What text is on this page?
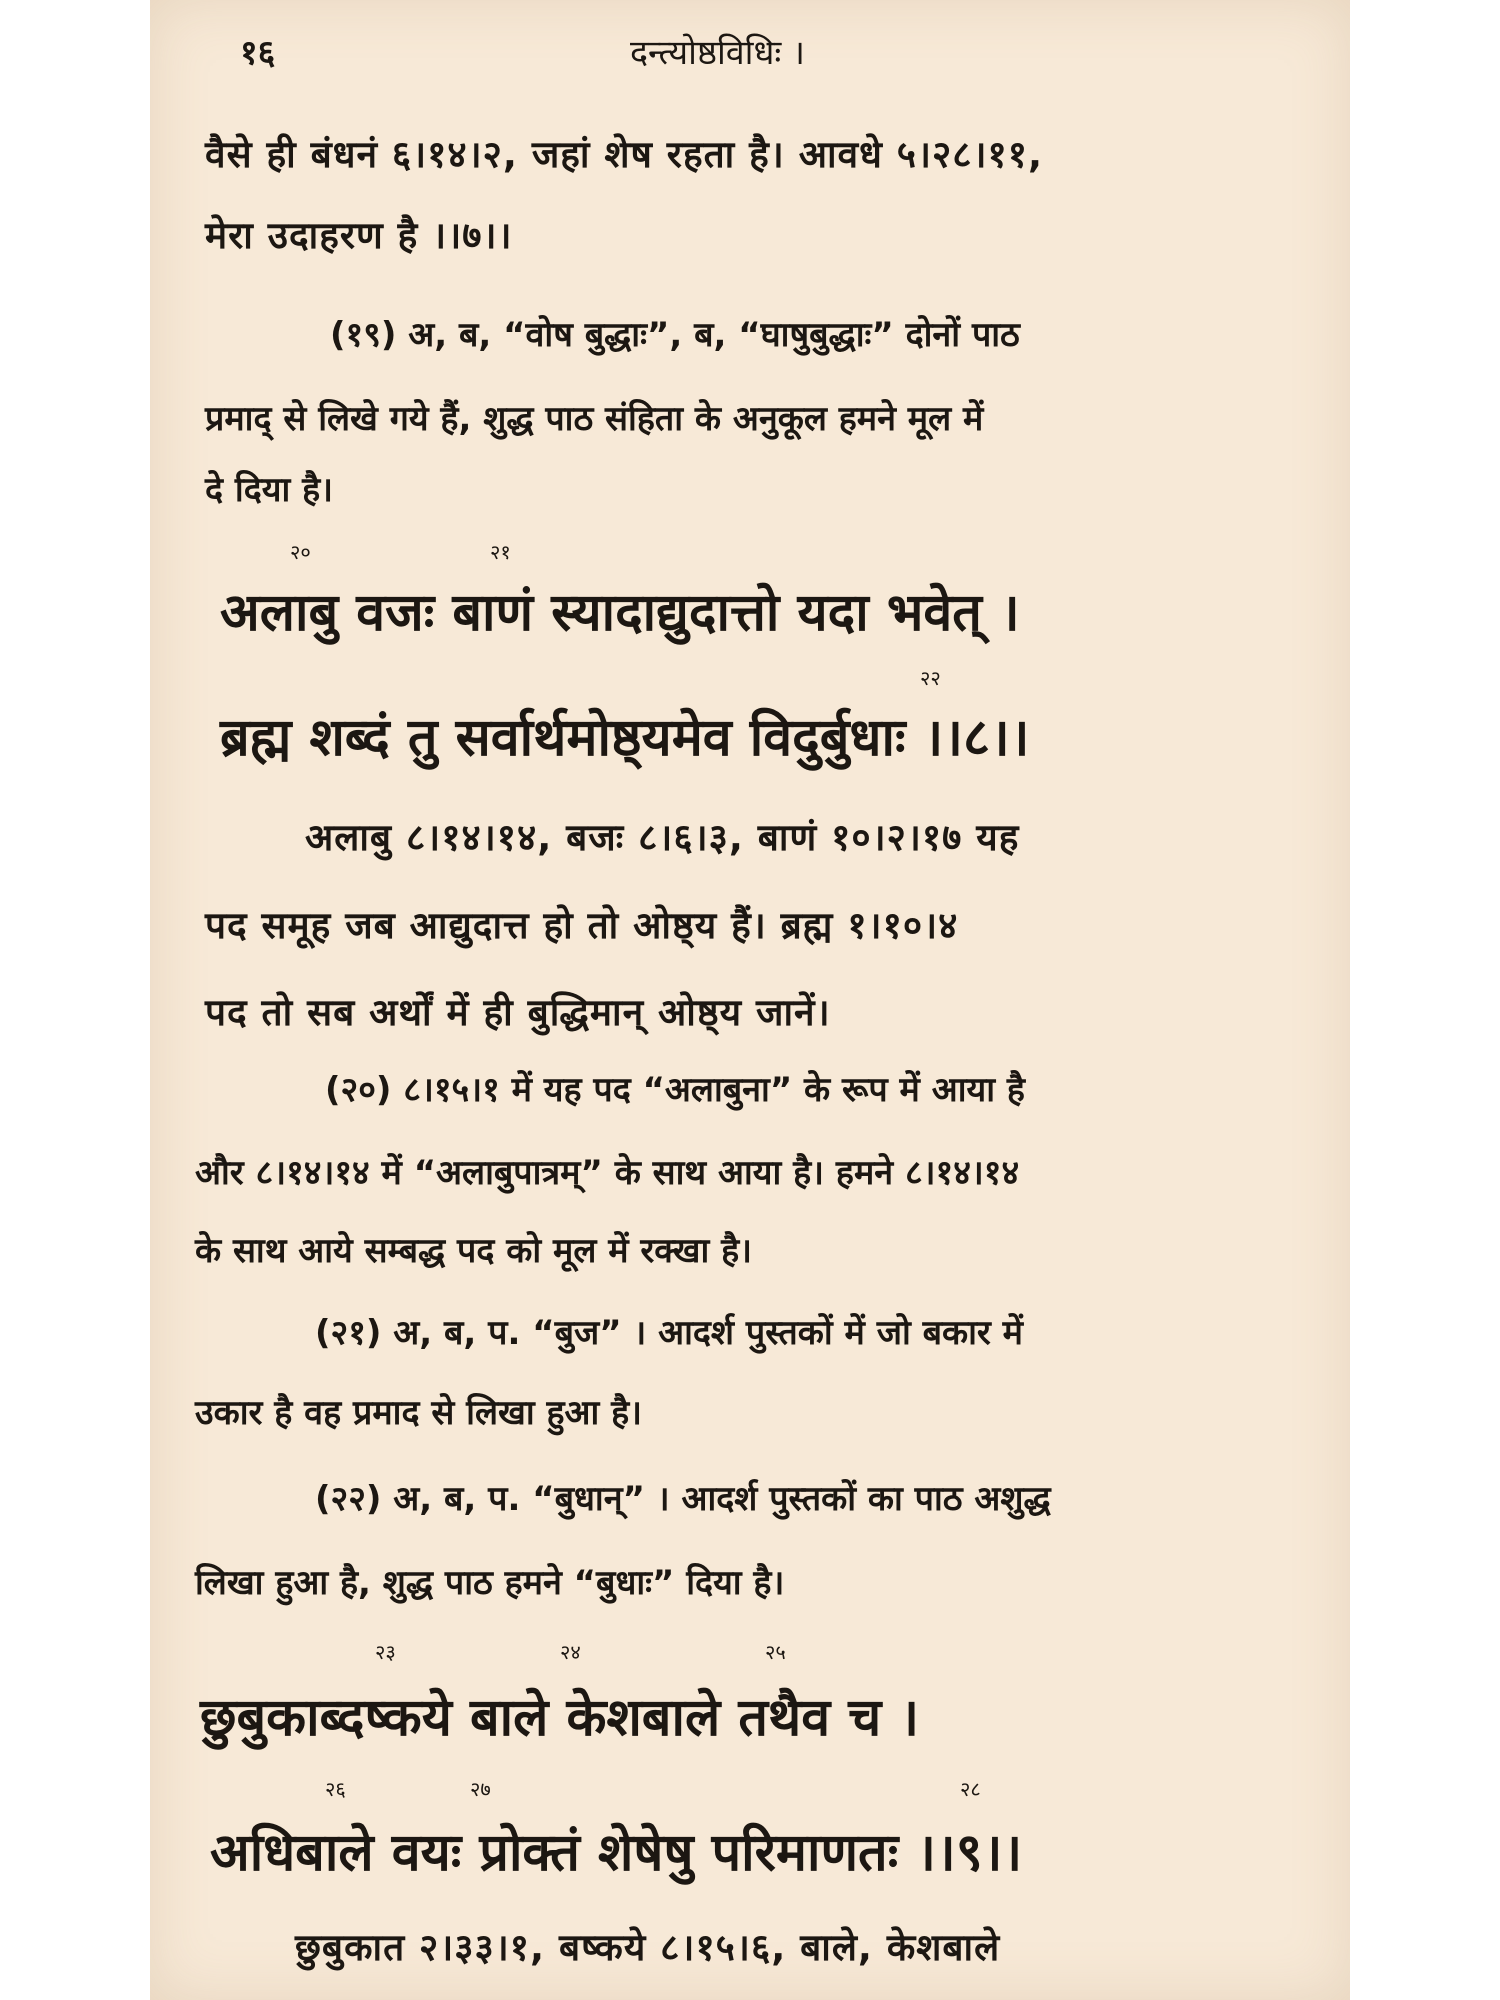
१६	दन्त्योष्ठविधिः ।
वैसे ही बंधनं ६।१४।२, जहां शेष रहता है। आवधे ५।२८।११,
मेरा उदाहरण है ।।७।।
(१९) अ, ब, “वोष बुद्धाः”, ब, “घाषुबुद्धाः” दोनों पाठ
प्रमाद् से लिखे गये हैं, शुद्ध पाठ संहिता के अनुकूल हमने मूल में
दे दिया है।
२०	२१
अलाबु वजः बाणं स्यादाद्युदात्तो यदा भवेत् ।
२२
ब्रह्म शब्दं तु सर्वार्थमोष्ठ्यमेव विदुर्बुधाः ।।८।।
अलाबु ८।१४।१४, बजः ८।६।३, बाणं १०।२।१७ यह
पद समूह जब आद्युदात्त हो तो ओष्ठ्य हैं। ब्रह्म १।१०।४
पद तो सब अर्थों में ही बुद्धिमान् ओष्ठ्य जानें।
(२०) ८।१५।१ में यह पद “अलाबुना” के रूप में आया है
और ८।१४।१४ में “अलाबुपात्रम्” के साथ आया है। हमने ८।१४।१४
के साथ आये सम्बद्ध पद को मूल में रक्खा है।
(२१) अ, ब, प. “बुज” । आदर्श पुस्तकों में जो बकार में
उकार है वह प्रमाद से लिखा हुआ है।
(२२) अ, ब, प. “बुधान्” । आदर्श पुस्तकों का पाठ अशुद्ध
लिखा हुआ है, शुद्ध पाठ हमने “बुधाः” दिया है।
२३	२४	२५
छुबुकाब्दष्कये बाले केशबाले तथैव च ।
२६	२७	२८
अधिबाले वयः प्रोक्तं शेषेषु परिमाणतः ।।९।।
छुबुकात २।३३।१, बष्कये ८।१५।६, बाले, केशबाले
